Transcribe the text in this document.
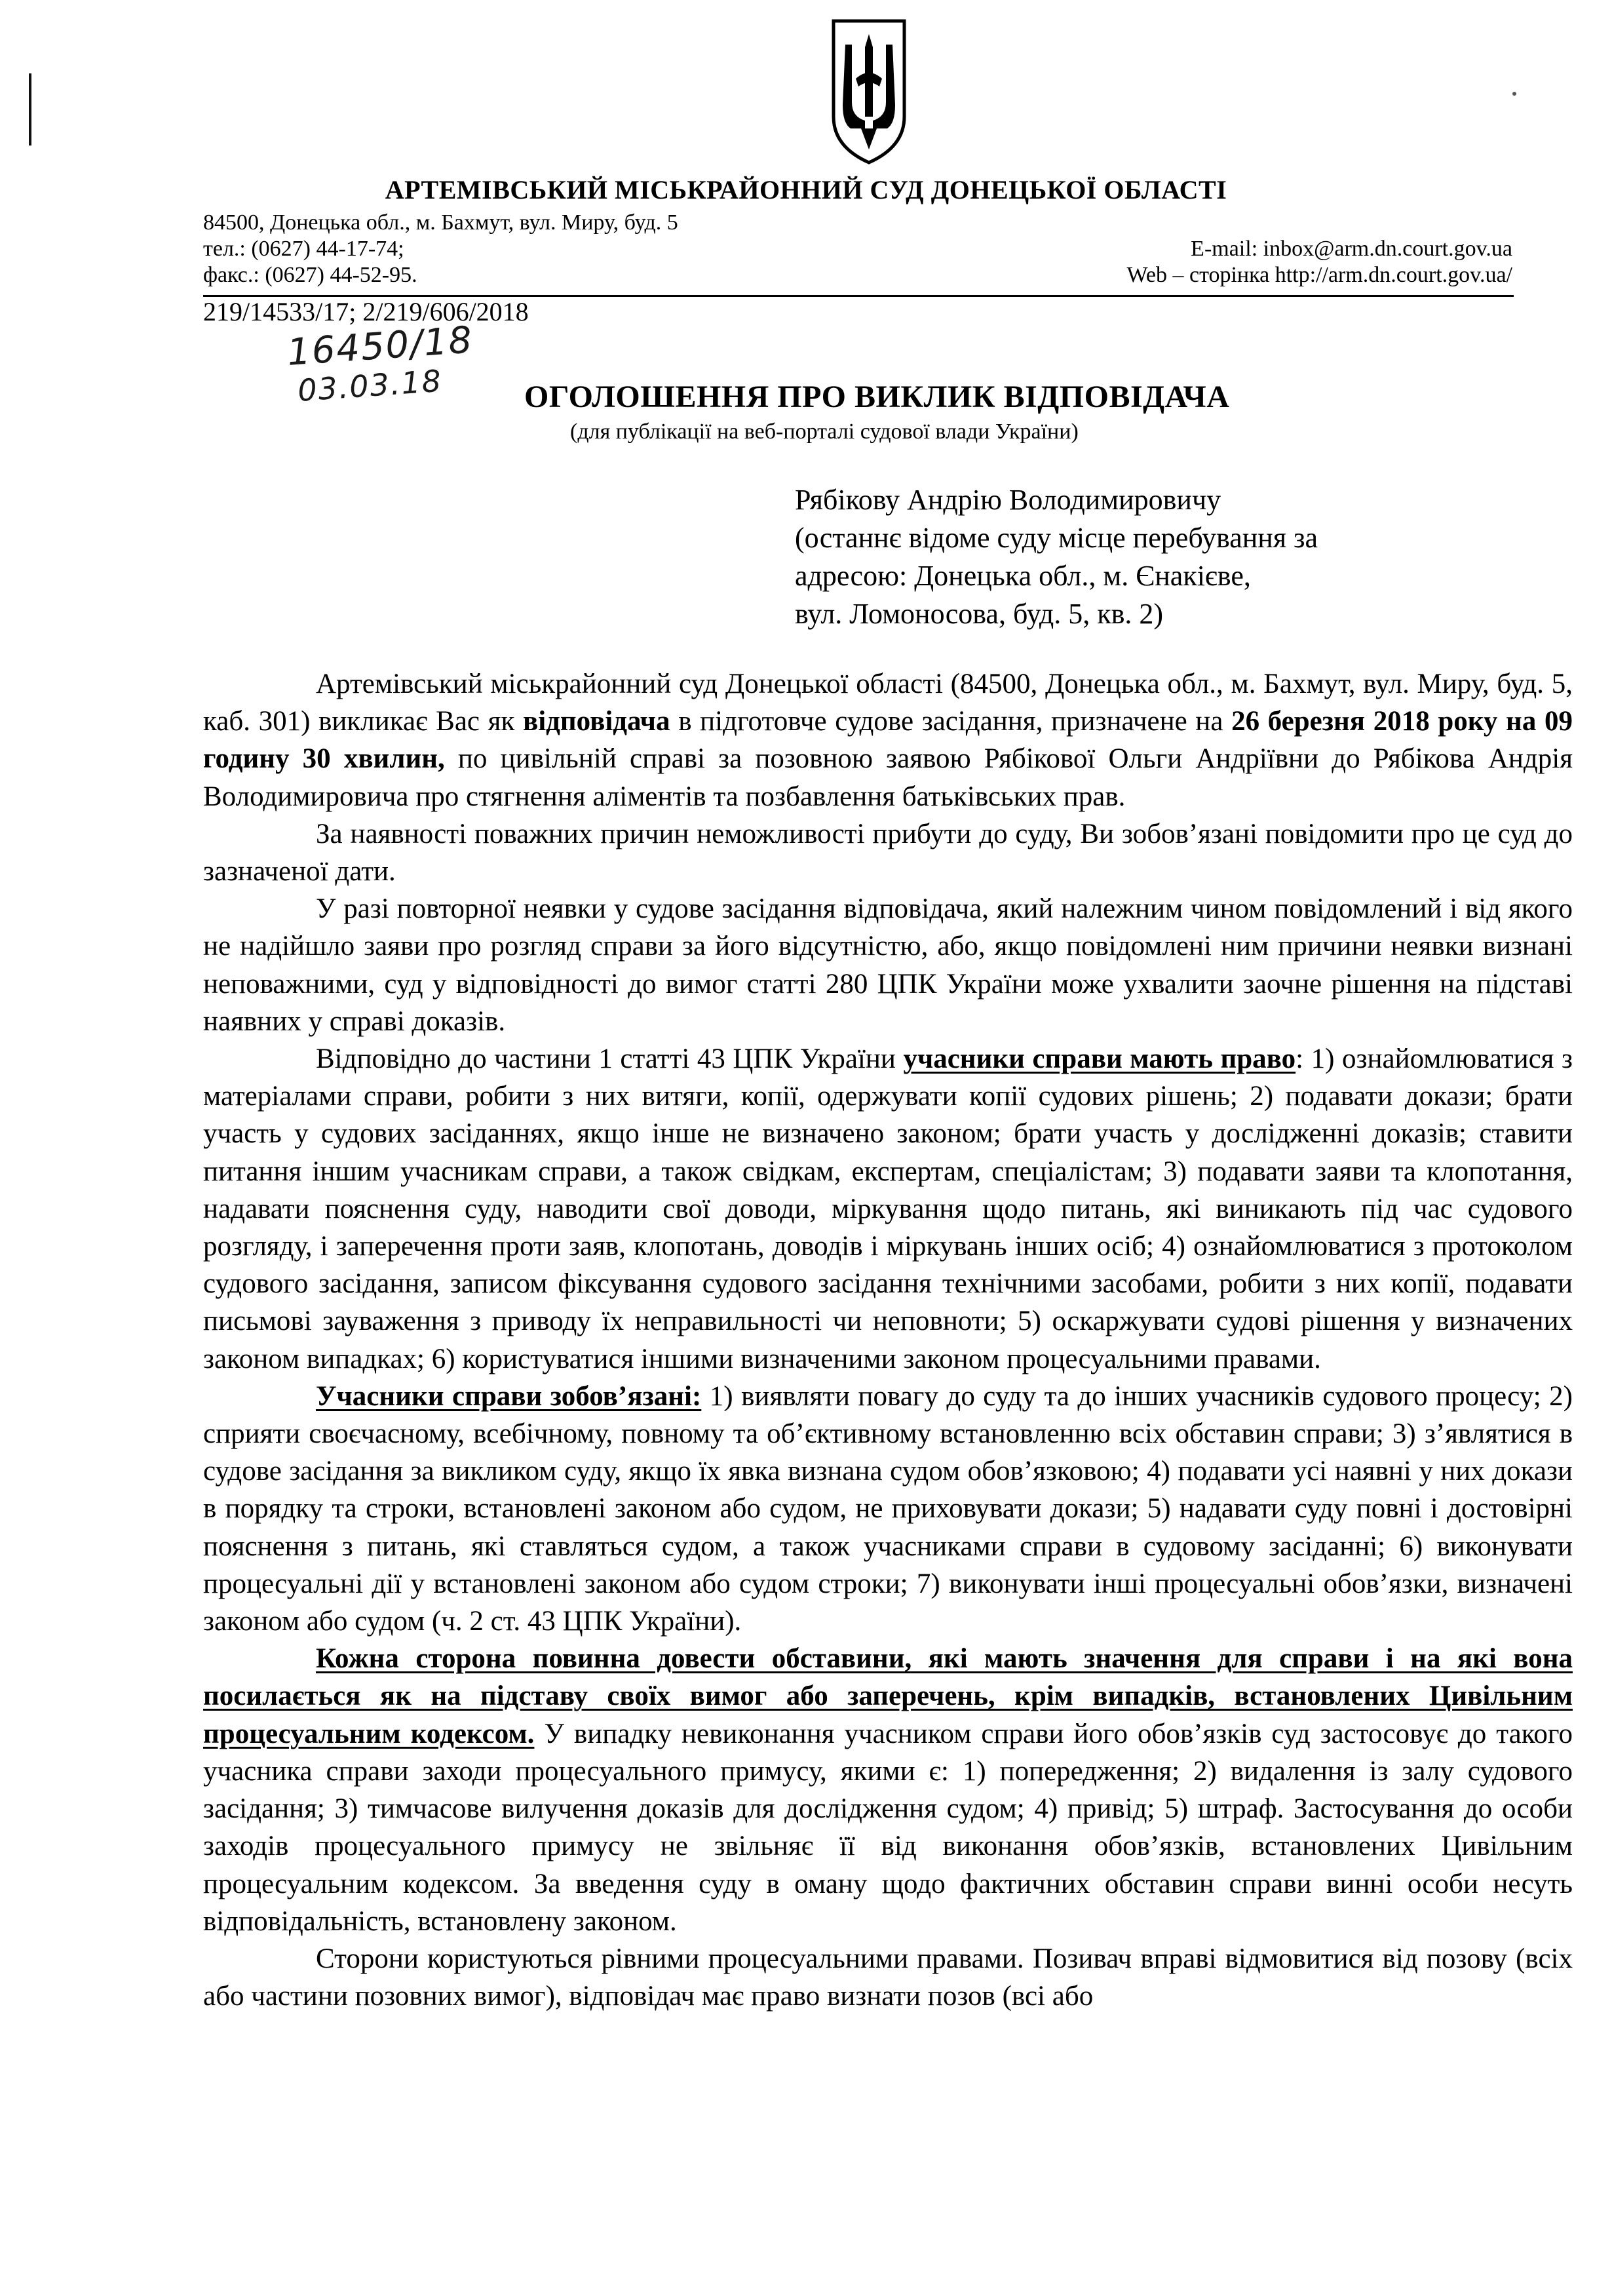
АРТЕМІВСЬКИЙ МІСЬКРАЙОННИЙ СУД ДОНЕЦЬКОЇ ОБЛАСТІ
84500, Донецька обл., м. Бахмут, вул. Миру, буд. 5
тел.: (0627) 44-17-74;
факс.: (0627) 44-52-95.
E-mail: inbox@arm.dn.court.gov.ua
Web – сторінка http://arm.dn.court.gov.ua/
219/14533/17; 2/219/606/2018
16450/18
03.03.18	ОГОЛОШЕННЯ ПРО ВИКЛИК ВІДПОВІДАЧА
(для публікації на веб-порталі судової влади України)
Рябікову Андрію Володимировичу
(останнє відоме суду місце перебування за
адресою: Донецька обл., м. Єнакієве,
вул. Ломоносова, буд. 5, кв. 2)

Артемівський міськрайонний суд Донецької області (84500, Донецька обл., м. Бахмут, вул. Миру, буд. 5, каб. 301) викликає Вас як відповідача в підготовче судове засідання, призначене на 26 березня 2018 року на 09 годину 30 хвилин, по цивільній справі за позовною заявою Рябікової Ольги Андріївни до Рябікова Андрія Володимировича про стягнення аліментів та позбавлення батьківських прав.

За наявності поважних причин неможливості прибути до суду, Ви зобов’язані повідомити про це суд до зазначеної дати.

У разі повторної неявки у судове засідання відповідача, який належним чином повідомлений і від якого не надійшло заяви про розгляд справи за його відсутністю, або, якщо повідомлені ним причини неявки визнані неповажними, суд у відповідності до вимог статті 280 ЦПК України може ухвалити заочне рішення на підставі наявних у справі доказів.

Відповідно до частини 1 статті 43 ЦПК України учасники справи мають право: 1) ознайомлюватися з матеріалами справи, робити з них витяги, копії, одержувати копії судових рішень; 2) подавати докази; брати участь у судових засіданнях, якщо інше не визначено законом; брати участь у дослідженні доказів; ставити питання іншим учасникам справи, а також свідкам, експертам, спеціалістам; 3) подавати заяви та клопотання, надавати пояснення суду, наводити свої доводи, міркування щодо питань, які виникають під час судового розгляду, і заперечення проти заяв, клопотань, доводів і міркувань інших осіб; 4) ознайомлюватися з протоколом судового засідання, записом фіксування судового засідання технічними засобами, робити з них копії, подавати письмові зауваження з приводу їх неправильності чи неповноти; 5) оскаржувати судові рішення у визначених законом випадках; 6) користуватися іншими визначеними законом процесуальними правами.

Учасники справи зобов’язані: 1) виявляти повагу до суду та до інших учасників судового процесу; 2) сприяти своєчасному, всебічному, повному та об’єктивному встановленню всіх обставин справи; 3) з’являтися в судове засідання за викликом суду, якщо їх явка визнана судом обов’язковою; 4) подавати усі наявні у них докази в порядку та строки, встановлені законом або судом, не приховувати докази; 5) надавати суду повні і достовірні пояснення з питань, які ставляться судом, а також учасниками справи в судовому засіданні; 6) виконувати процесуальні дії у встановлені законом або судом строки; 7) виконувати інші процесуальні обов’язки, визначені законом або судом (ч. 2 ст. 43 ЦПК України).

Кожна сторона повинна довести обставини, які мають значення для справи і на які вона посилається як на підставу своїх вимог або заперечень, крім випадків, встановлених Цивільним процесуальним кодексом. У випадку невиконання учасником справи його обов’язків суд застосовує до такого учасника справи заходи процесуального примусу, якими є: 1) попередження; 2) видалення із залу судового засідання; 3) тимчасове вилучення доказів для дослідження судом; 4) привід; 5) штраф. Застосування до особи заходів процесуального примусу не звільняє її від виконання обов’язків, встановлених Цивільним процесуальним кодексом. За введення суду в оману щодо фактичних обставин справи винні особи несуть відповідальність, встановлену законом.

Сторони користуються рівними процесуальними правами. Позивач вправі відмовитися від позову (всіх або частини позовних вимог), відповідач має право визнати позов (всі або
